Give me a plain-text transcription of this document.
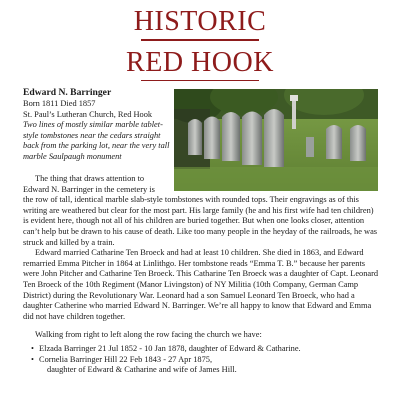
HISTORIC
RED HOOK
Edward N. Barringer
Born 1811 Died 1857
St. Paul’s Lutheran Church, Red Hook
Two lines of mostly similar marble tablet-style tombstones near the cedars straight back from the parking lot, near the very tall marble Saulpaugh monument

The thing that draws attention to Edward N. Barringer in the cemetery is

the row of tall, identical marble slab-style tombstones with rounded tops. Their engravings as of this writing are weathered but clear for the most part. His large family (he and his first wife had ten children) is evident here, though not all of his children are buried together. But when one looks closer, attention can’t help but be drawn to his cause of death. Like too many people in the heyday of the railroads, he was struck and killed by a train.

Edward married Catharine Ten Broeck and had at least 10 children. She died in 1863, and Edward remarried Emma Pitcher in 1864 at Linlithgo. Her tombstone reads “Emma T. B.” because her parents were John Pitcher and Catharine Ten Broeck. This Catharine Ten Broeck was a daughter of Capt. Leonard Ten Broeck of the 10th Regiment (Manor Livingston) of NY Militia (10th Company, German Camp District) during the Revolutionary War. Leonard had a son Samuel Leonard Ten Broeck, who had a daughter Catherine who married Edward N. Barringer. We’re all happy to know that Edward and Emma did not have children together.

Walking from right to left along the row facing the church we have:

• Elzada Barringer 21 Jul 1852 - 10 Jan 1878, daughter of Edward & Catharine.
• Cornelia Barringer Hill 22 Feb 1843 - 27 Apr 1875,
daughter of Edward & Catharine and wife of James Hill.
